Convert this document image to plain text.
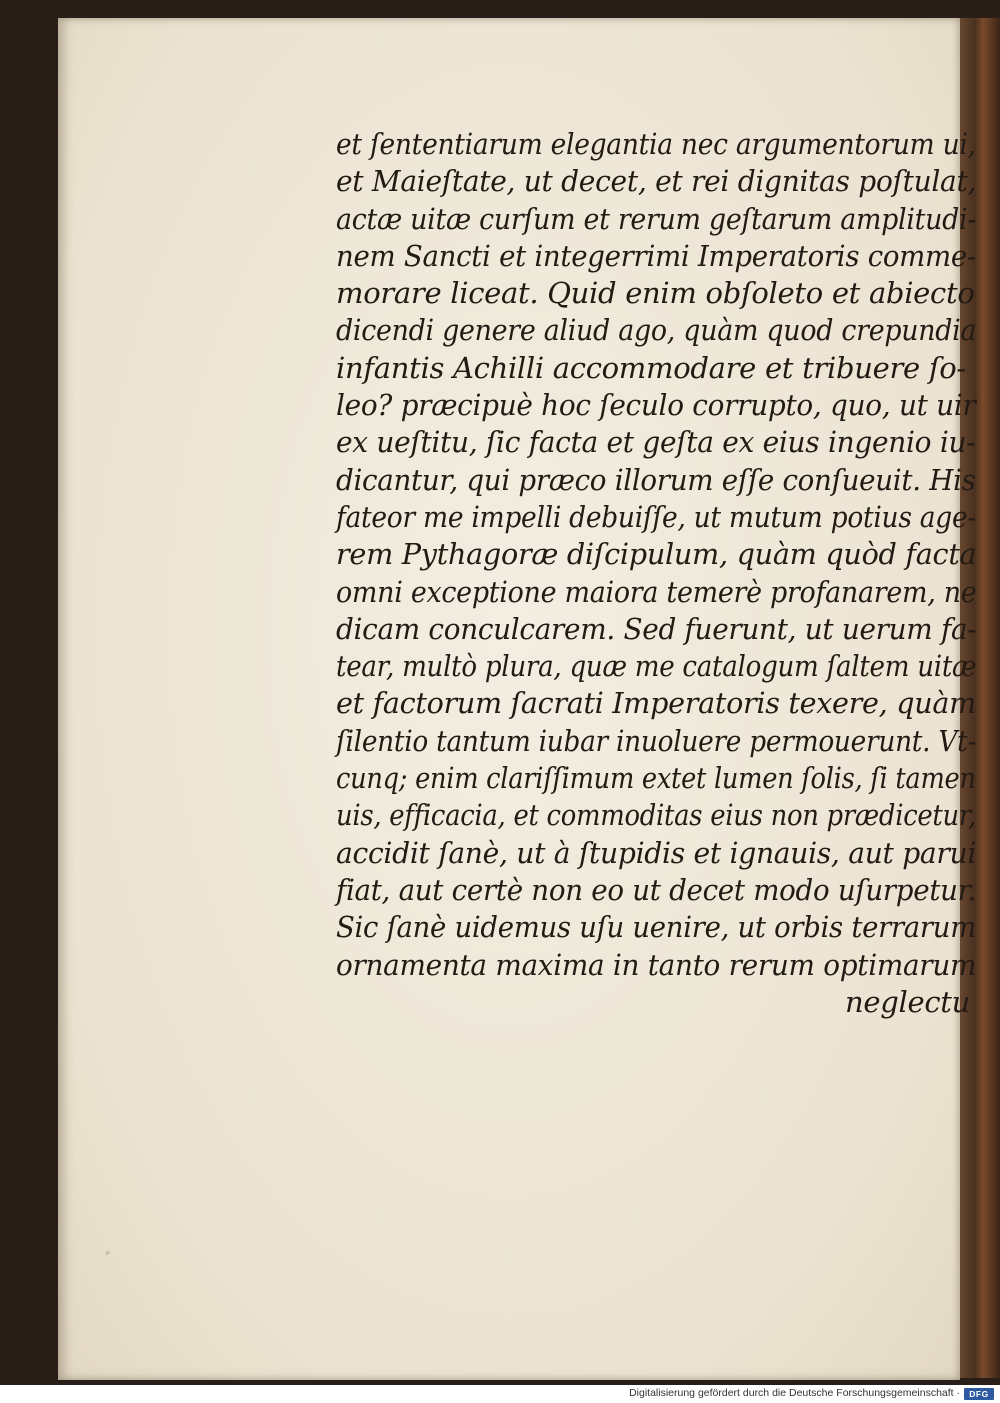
et ſententiarum elegantia nec argumentorum ui,
et Maieſtate, ut decet, et rei dignitas poſtulat,
actæ uitæ curſum et rerum geſtarum amplitudi-
nem Sancti et integerrimi Imperatoris comme-
morare liceat. Quid enim obſoleto et abiecto
dicendi genere aliud ago, quàm quod crepundia
infantis Achilli accommodare et tribuere ſo-
leo? præcipuè hoc ſeculo corrupto, quo, ut uir
ex ueſtitu, ſic facta et geſta ex eius ingenio iu-
dicantur, qui præco illorum eſſe conſueuit. His
fateor me impelli debuiſſe, ut mutum potius age-
rem Pythagoræ diſcipulum, quàm quòd facta
omni exceptione maiora temerè profanarem, ne
dicam conculcarem. Sed fuerunt, ut uerum fa-
tear, multò plura, quæ me catalogum ſaltem uitæ
et factorum ſacrati Imperatoris texere, quàm
ſilentio tantum iubar inuoluere permouerunt. Vt-
cunq; enim clariſſimum extet lumen ſolis, ſi tamen
uis, efficacia, et commoditas eius non prædicetur,
accidit ſanè, ut à ſtupidis et ignauis, aut parui
fiat, aut certè non eo ut decet modo uſurpetur.
Sic ſanè uidemus uſu uenire, ut orbis terrarum
ornamenta maxima in tanto rerum optimarum
neglectu
𝓋
Digitalisierung gefördert durch die Deutsche Forschungsgemeinschaft ·	DFG
